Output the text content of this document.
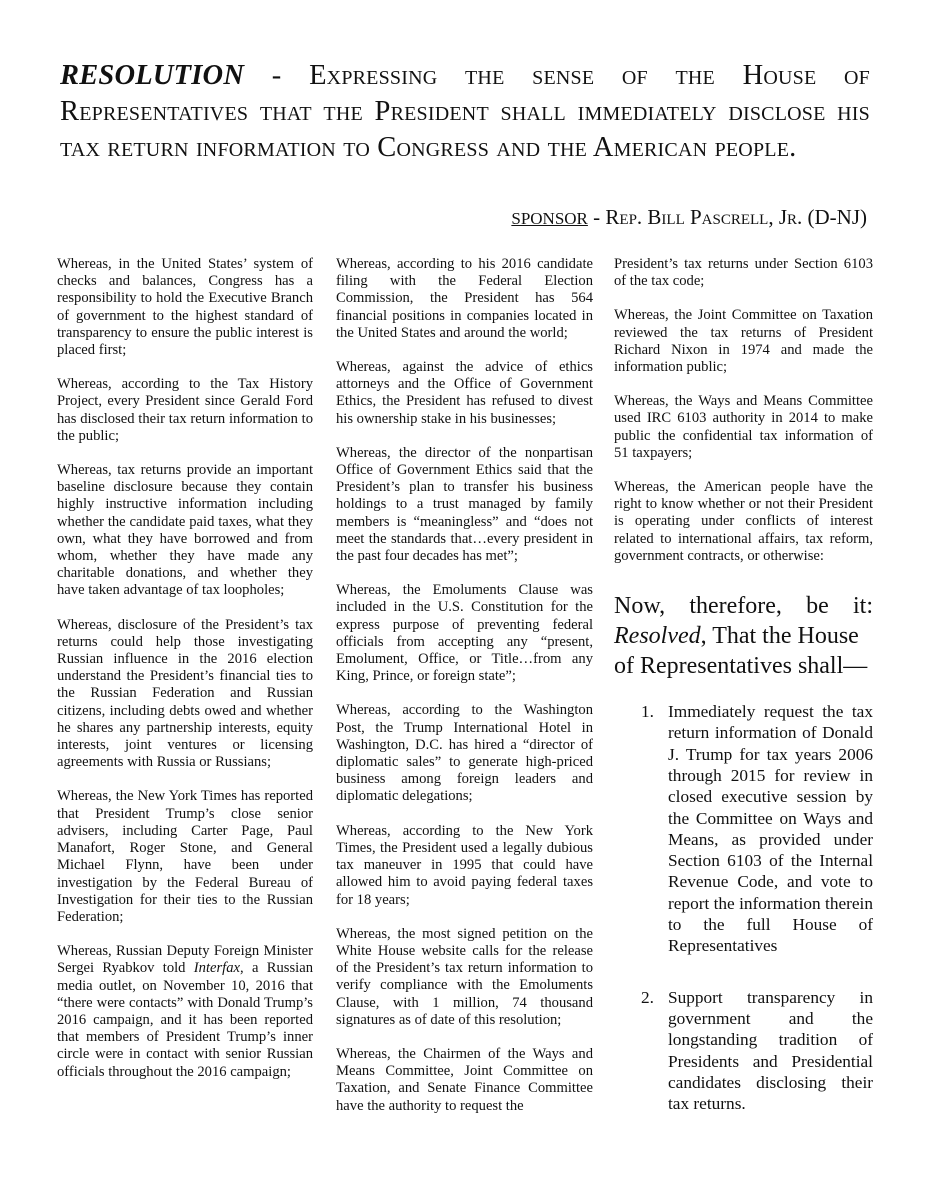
RESOLUTION - Expressing the sense of the House of Representatives that the President shall immediately disclose his tax return information to Congress and the American people.
SPONSOR - Rep. Bill Pascrell, Jr. (D-NJ)

Whereas, in the United States’ system of checks and balances, Congress has a responsibility to hold the Executive Branch of government to the highest standard of transparency to ensure the public interest is placed first;

Whereas, according to the Tax History Project, every President since Gerald Ford has disclosed their tax return information to the public;

Whereas, tax returns provide an important baseline disclosure because they contain highly instructive information including whether the candidate paid taxes, what they own, what they have borrowed and from whom, whether they have made any charitable donations, and whether they have taken advantage of tax loopholes;

Whereas, disclosure of the President’s tax returns could help those investigating Russian influence in the 2016 election understand the President’s financial ties to the Russian Federation and Russian citizens, including debts owed and whether he shares any partnership interests, equity interests, joint ventures or licensing agreements with Russia or Russians;

Whereas, the New York Times has reported that President Trump’s close senior advisers, including Carter Page, Paul Manafort, Roger Stone, and General Michael Flynn, have been under investigation by the Federal Bureau of Investigation for their ties to the Russian Federation;

Whereas, Russian Deputy Foreign Minister Sergei Ryabkov told Interfax, a Russian media outlet, on November 10, 2016 that “there were contacts” with Donald Trump’s 2016 campaign, and it has been reported that members of President Trump’s inner circle were in contact with senior Russian officials throughout the 2016 campaign;

Whereas, according to his 2016 candidate filing with the Federal Election Commission, the President has 564 financial positions in companies located in the United States and around the world;

Whereas, against the advice of ethics attorneys and the Office of Government Ethics, the President has refused to divest his ownership stake in his businesses;

Whereas, the director of the nonpartisan Office of Government Ethics said that the President’s plan to transfer his business holdings to a trust managed by family members is “meaningless” and “does not meet the standards that…every president in the past four decades has met”;

Whereas, the Emoluments Clause was included in the U.S. Constitution for the express purpose of preventing federal officials from accepting any “present, Emolument, Office, or Title…from any King, Prince, or foreign state”;

Whereas, according to the Washington Post, the Trump International Hotel in Washington, D.C. has hired a “director of diplomatic sales” to generate high-priced business among foreign leaders and diplomatic delegations;

Whereas, according to the New York Times, the President used a legally dubious tax maneuver in 1995 that could have allowed him to avoid paying federal taxes for 18 years;

Whereas, the most signed petition on the White House website calls for the release of the President’s tax return information to verify compliance with the Emoluments Clause, with 1 million, 74 thousand signatures as of date of this resolution;

Whereas, the Chairmen of the Ways and Means Committee, Joint Committee on Taxation, and Senate Finance Committee have the authority to request the

President’s tax returns under Section 6103 of the tax code;

Whereas, the Joint Committee on Taxation reviewed the tax returns of President Richard Nixon in 1974 and made the information public;

Whereas, the Ways and Means Committee used IRC 6103 authority in 2014 to make public the confidential tax information of 51 taxpayers;

Whereas, the American people have the right to know whether or not their President is operating under conflicts of interest related to international affairs, tax reform, government contracts, or otherwise:

Now, therefore, be it:
Resolved, That the House of Representatives shall—
1. Immediately request the tax return information of Donald J. Trump for tax years 2006 through 2015 for review in closed executive session by the Committee on Ways and Means, as provided under Section 6103 of the Internal Revenue Code, and vote to report the information therein to the full House of Representatives
2. Support transparency in government and the longstanding tradition of Presidents and Presidential candidates disclosing their tax returns.
